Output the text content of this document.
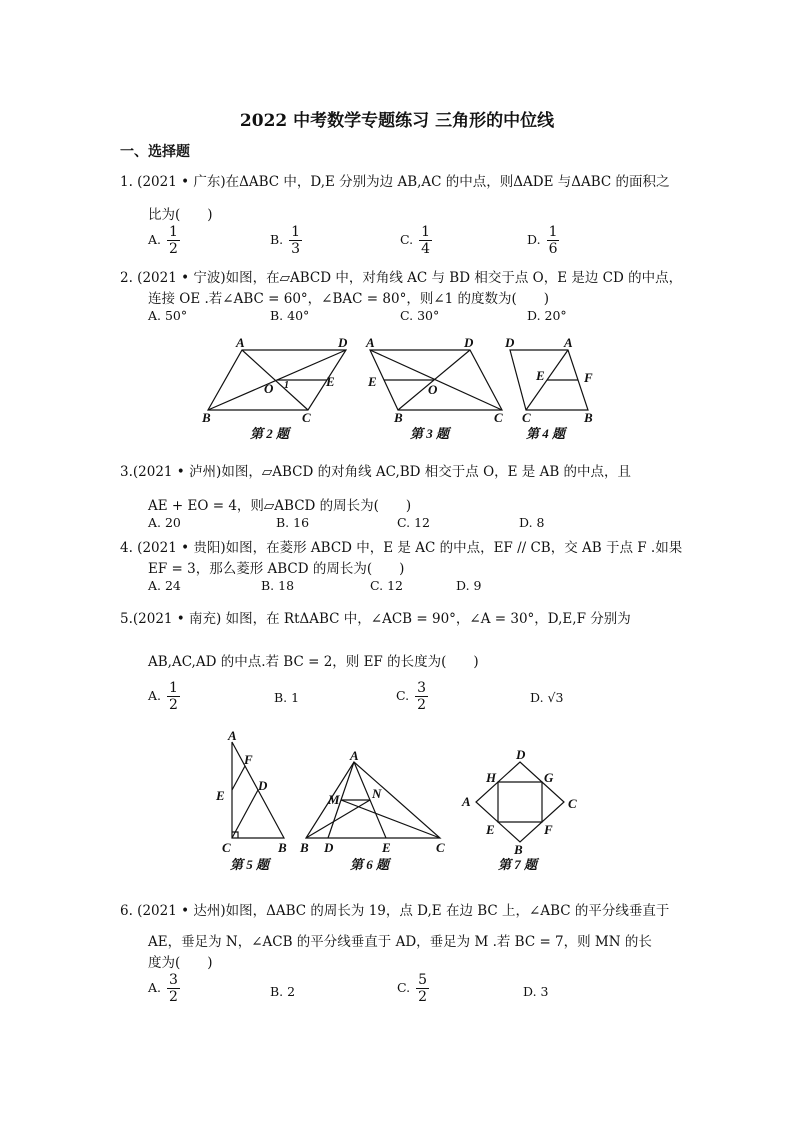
2022 中考数学专题练习 三角形的中位线
一、选择题
1. (2021 • 广东)在ΔABC 中，D,E 分别为边 AB,AC 的中点，则ΔADE 与ΔABC 的面积之
比为(　　)
A. $\frac{1}{2}$	B. $\frac{1}{3}$	C. $\frac{1}{4}$	D. $\frac{1}{6}$
2. (2021 • 宁波)如图，在▱ABCD 中，对角线 AC 与 BD 相交于点 O，E 是边 CD 的中点，
连接 OE .若∠ABC = 60°，∠BAC = 80°，则∠1 的度数为(　　)
A. 50°	B. 40°	C. 30°	D. 20°
A	D
O 1	E
B	C
第 2 题
A	D
E
O
B	C
第 3 题
D	A
E	F
C	B
第 4 题
3.(2021 • 泸州)如图，▱ABCD 的对角线 AC,BD 相交于点 O，E 是 AB 的中点，且
AE + EO = 4，则▱ABCD 的周长为(　　)
A. 20	B. 16	C. 12	D. 8
4. (2021 • 贵阳)如图，在菱形 ABCD 中，E 是 AC 的中点，EF // CB，交 AB 于点 F .如果
EF = 3，那么菱形 ABCD 的周长为(　　)
A. 24	B. 18	C. 12	D. 9
5.(2021 • 南充) 如图，在 RtΔABC 中，∠ACB = 90°，∠A = 30°，D,E,F 分别为
AB,AC,AD 的中点.若 BC = 2，则 EF 的长度为(　　)
A. $\frac{1}{2}$	B. 1	C. $\frac{3}{2}$	D. √3
A
F
D
E
C	B
第 5 题
A
M N
B D	E	C
第 6 题
D
H	G
A	C
E	F
B
第 7 题
6. (2021 • 达州)如图，ΔABC 的周长为 19，点 D,E 在边 BC 上，∠ABC 的平分线垂直于
AE，垂足为 N，∠ACB 的平分线垂直于 AD，垂足为 M .若 BC = 7，则 MN 的长
度为(　　)
A. $\frac{3}{2}$	B. 2	C. $\frac{5}{2}$	D. 3
